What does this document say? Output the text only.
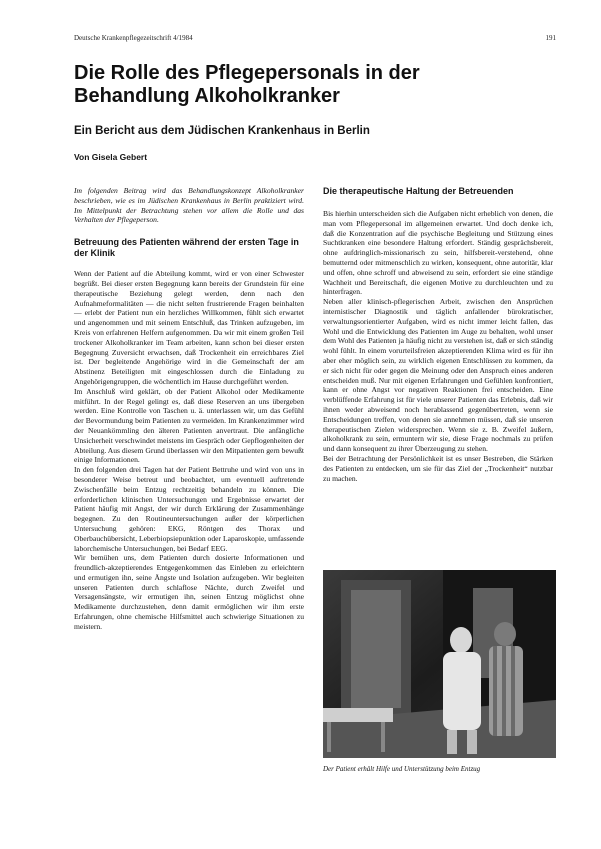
Deutsche Krankenpflegezeitschrift 4/1984	191
Die Rolle des Pflegepersonals in der
Behandlung Alkoholkranker
Ein Bericht aus dem Jüdischen Krankenhaus in Berlin
Von Gisela Gebert

Im folgenden Beitrag wird das Behandlungskonzept Alkoholkranker beschrieben, wie es im Jüdischen Krankenhaus in Berlin praktiziert wird. Im Mittelpunkt der Betrachtung stehen vor allem die Rolle und das Verhalten der Pflegeperson.

Betreuung des Patienten während der ersten Tage in der Klinik

Wenn der Patient auf die Abteilung kommt, wird er von einer Schwester begrüßt. Bei dieser ersten Begegnung kann bereits der Grundstein für eine therapeutische Beziehung gelegt werden, denn nach den Aufnahmeformalitäten — die nicht selten frustrierende Fragen beinhalten — erlebt der Patient nun ein herzliches Willkommen, fühlt sich erwartet und angenommen und mit seinem Entschluß, das Trinken aufzugeben, im Kreis von erfahrenen Helfern aufgenommen. Da wir mit einem großen Teil trockener Alkoholkranker im Team arbeiten, kann schon bei dieser ersten Begegnung Zuversicht erwachsen, daß Trockenheit ein erreichbares Ziel ist. Der begleitende Angehörige wird in die Gemeinschaft der am Abstinenz Beteiligten mit eingeschlossen durch die Einladung zu Angehörigengruppen, die wöchentlich im Hause durchgeführt werden.

Im Anschluß wird geklärt, ob der Patient Alkohol oder Medikamente mitführt. In der Regel gelingt es, daß diese Reserven an uns übergeben werden. Eine Kontrolle von Taschen u. ä. unterlassen wir, um das Gefühl der Bevormundung beim Patienten zu vermeiden. Im Krankenzimmer wird der Neuankömmling den älteren Patienten anvertraut. Die anfängliche Unsicherheit verschwindet meistens im Gespräch oder Gepflogenheiten der Abteilung. Aus diesem Grund überlassen wir den Mitpatienten gern bewußt einige Informationen.

In den folgenden drei Tagen hat der Patient Bettruhe und wird von uns in besonderer Weise betreut und beobachtet, um eventuell auftretende Zwischenfälle beim Entzug rechtzeitig behandeln zu können. Die erforderlichen klinischen Untersuchungen und Ergebnisse erwartet der Patient häufig mit Angst, der wir durch Erklärung der Zusammenhänge begegnen. Zu den Routineuntersuchungen außer der körperlichen Untersuchung gehören: EKG, Röntgen des Thorax und Oberbauchübersicht, Leberbiopsiepunktion oder Laparoskopie, umfassende laborchemische Untersuchungen, bei Bedarf EEG.

Wir bemühen uns, dem Patienten durch dosierte Informationen und freundlich-akzeptierendes Entgegenkommen das Einleben zu erleichtern und ermutigen ihn, seine Ängste und Isolation aufzugeben. Wir begleiten unseren Patienten durch schlaflose Nächte, durch Zweifel und Versagensängste, wir ermutigen ihn, seinen Entzug möglichst ohne Medikamente durchzustehen, denn damit ermöglichen wir ihm erste Erfahrungen, ohne chemische Hilfsmittel auch schwierige Situationen zu meistern.

Die therapeutische Haltung der Betreuenden

Bis hierhin unterscheiden sich die Aufgaben nicht erheblich von denen, die man vom Pflegepersonal im allgemeinen erwartet. Und doch denke ich, daß die Konzentration auf die psychische Begleitung und Stützung eines Suchtkranken eine besondere Haltung erfordert. Ständig gesprächsbereit, ohne aufdringlich-missionarisch zu sein, hilfsbereit-verstehend, ohne bemutternd oder mitmenschlich zu wirken, konsequent, ohne autoritär, klar und offen, ohne schroff und abweisend zu sein, erfordert sie eine ständige Wachheit und Bereitschaft, die eigenen Motive zu durchleuchten und zu hinterfragen.

Neben aller klinisch-pflegerischen Arbeit, zwischen den Ansprüchen internistischer Diagnostik und täglich anfallender bürokratischer, verwaltungsorientierter Aufgaben, wird es nicht immer leicht fallen, das Wohl und die Entwicklung des Patienten im Auge zu behalten, wohl unser dem Wohl des Patienten ja häufig nicht zu verstehen ist, daß er sich ständig wohl fühlt. In einem vorurteilsfreien akzeptierenden Klima wird es für ihn aber eher möglich sein, zu wirklich eigenen Entschlüssen zu kommen, da er sich nicht für oder gegen die Meinung oder den Anspruch eines anderen entscheiden muß. Nur mit eigenen Erfahrungen und Gefühlen konfrontiert, kann er ohne Angst vor negativen Reaktionen frei entscheiden. Eine verblüffende Erfahrung ist für viele unserer Patienten das Erlebnis, daß wir ihnen weder abweisend noch herablassend gegenübertreten, wenn sie Entscheidungen treffen, von denen sie annehmen müssen, daß sie unseren therapeutischen Zielen widersprechen. Wenn sie z. B. Zweifel äußern, alkoholkrank zu sein, ermuntern wir sie, diese Frage nochmals zu prüfen und dann konsequent zu ihrer Überzeugung zu stehen.

Bei der Betrachtung der Persönlichkeit ist es unser Bestreben, die Stärken des Patienten zu entdecken, um sie für das Ziel der „Trockenheit“ nutzbar zu machen.

Der Patient erhält Hilfe und Unterstützung beim Entzug
